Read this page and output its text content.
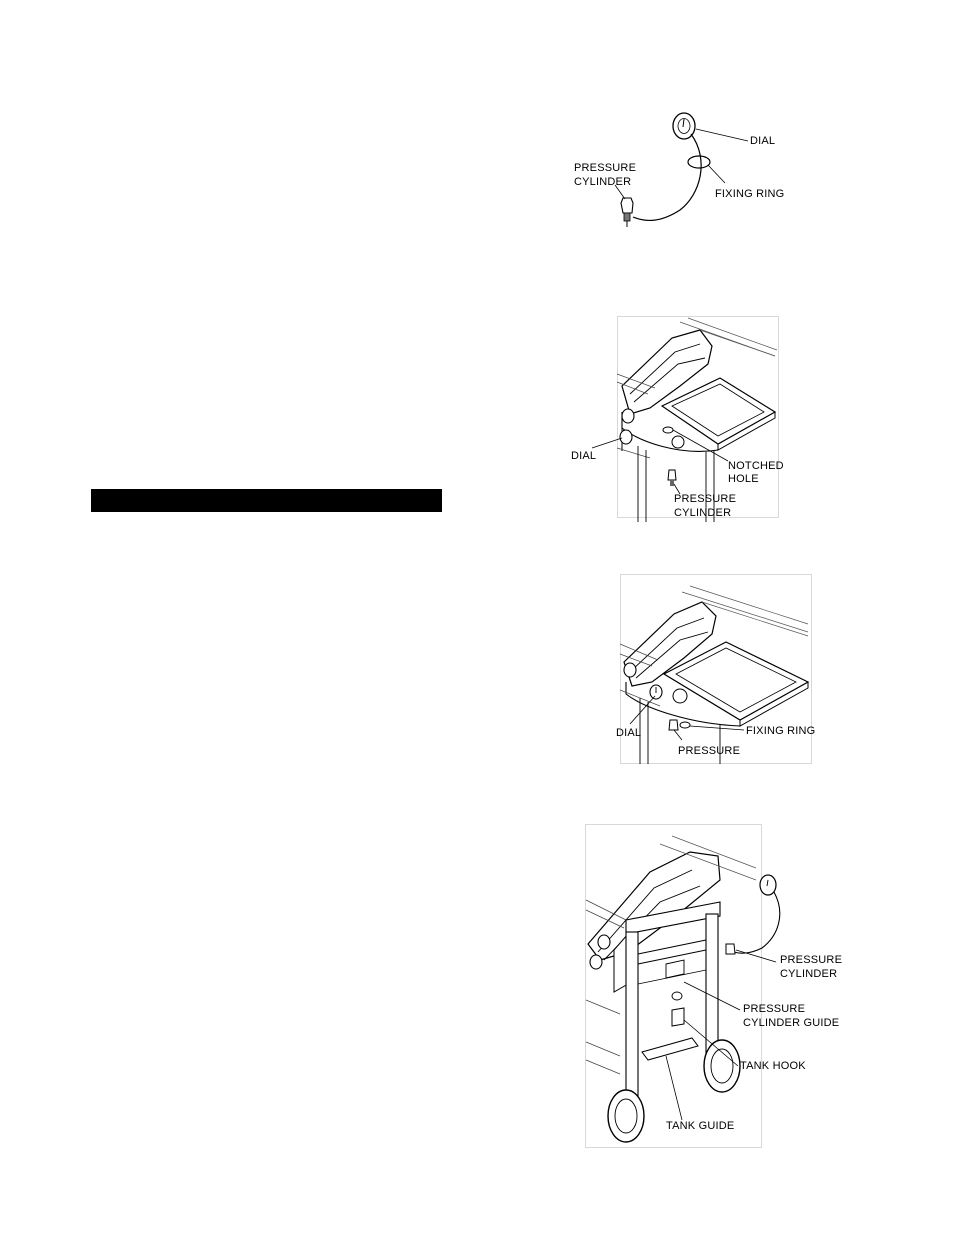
DIAL
PRESSURE
CYLINDER
FIXING RING
DIAL
NOTCHED
HOLE
PRESSURE
CYLINDER
DIAL	FIXING RING
PRESSURE
PRESSURE
CYLINDER
PRESSURE
CYLINDER GUIDE
TANK HOOK
TANK GUIDE
